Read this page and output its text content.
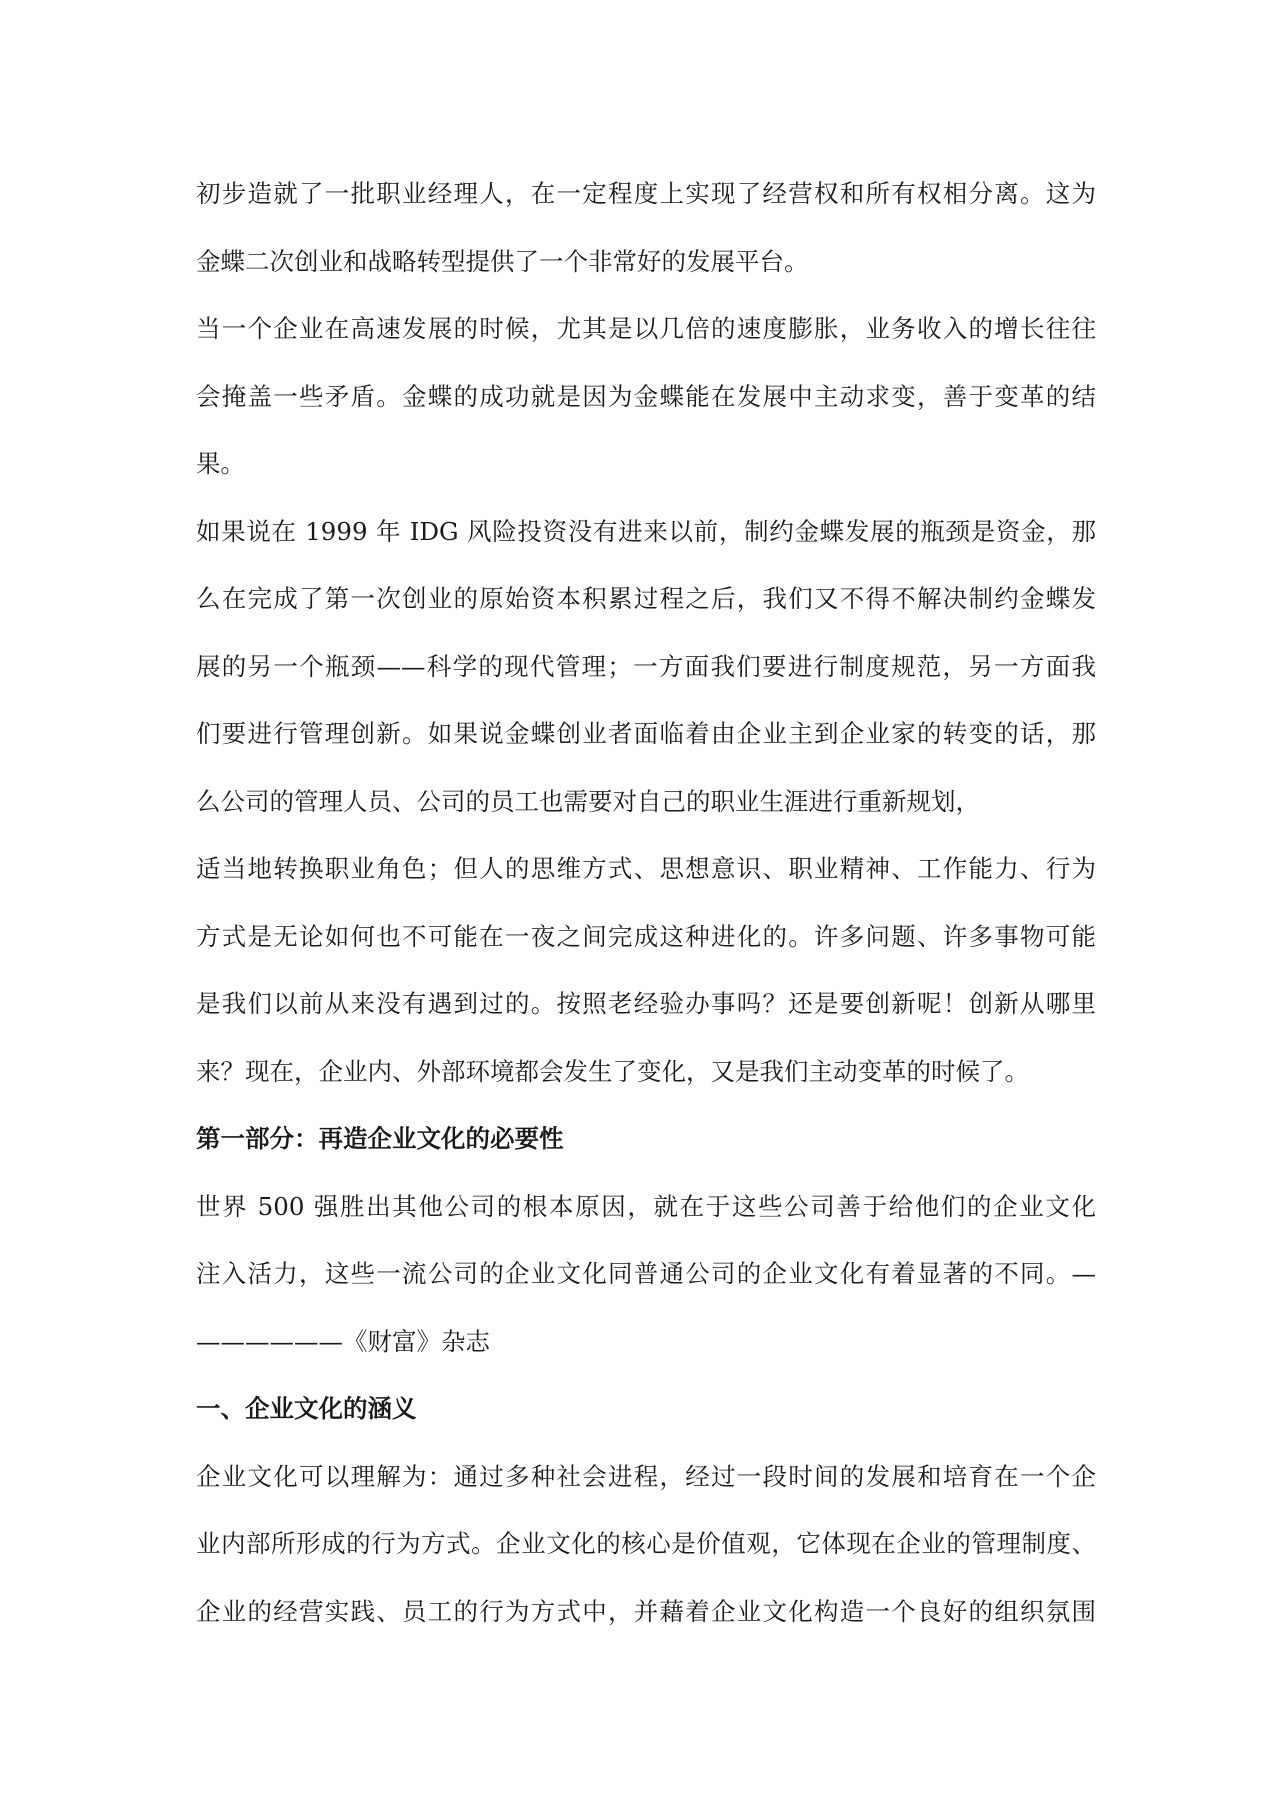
初步造就了一批职业经理人，在一定程度上实现了经营权和所有权相分离。这为
金蝶二次创业和战略转型提供了一个非常好的发展平台。
当一个企业在高速发展的时候，尤其是以几倍的速度膨胀，业务收入的增长往往
会掩盖一些矛盾。金蝶的成功就是因为金蝶能在发展中主动求变，善于变革的结
果。
如果说在 1999 年 IDG 风险投资没有进来以前，制约金蝶发展的瓶颈是资金，那
么在完成了第一次创业的原始资本积累过程之后，我们又不得不解决制约金蝶发
展的另一个瓶颈——科学的现代管理；一方面我们要进行制度规范，另一方面我
们要进行管理创新。如果说金蝶创业者面临着由企业主到企业家的转变的话，那
么公司的管理人员、公司的员工也需要对自己的职业生涯进行重新规划，
适当地转换职业角色；但人的思维方式、思想意识、职业精神、工作能力、行为
方式是无论如何也不可能在一夜之间完成这种进化的。许多问题、许多事物可能
是我们以前从来没有遇到过的。按照老经验办事吗？还是要创新呢！创新从哪里
来？现在，企业内、外部环境都会发生了变化，又是我们主动变革的时候了。
第一部分：再造企业文化的必要性
世界 500 强胜出其他公司的根本原因，就在于这些公司善于给他们的企业文化
注入活力，这些一流公司的企业文化同普通公司的企业文化有着显著的不同。—
——————《财富》杂志
一、企业文化的涵义
企业文化可以理解为：通过多种社会进程，经过一段时间的发展和培育在一个企
业内部所形成的行为方式。企业文化的核心是价值观，它体现在企业的管理制度、
企业的经营实践、员工的行为方式中，并藉着企业文化构造一个良好的组织氛围
